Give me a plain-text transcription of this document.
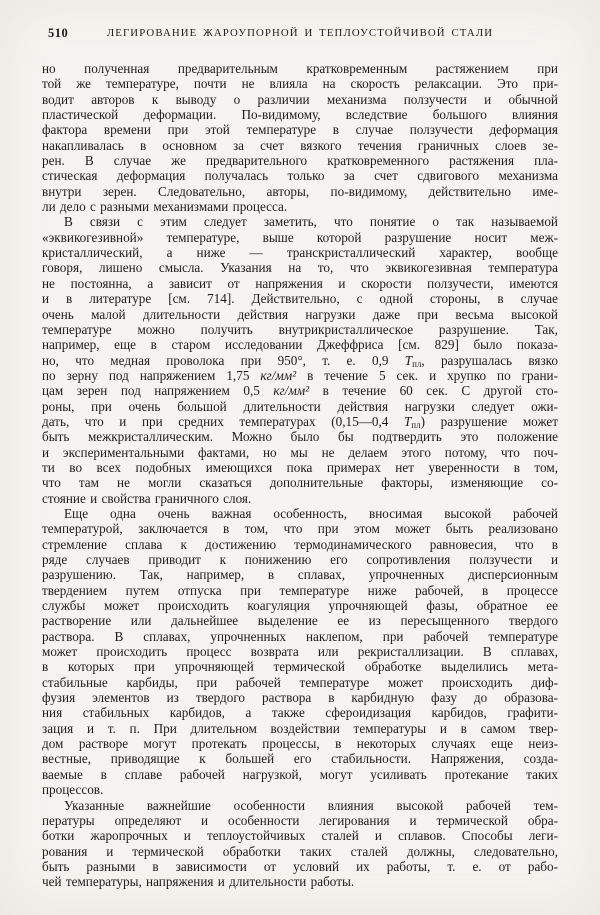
510	ЛЕГИРОВАНИЕ ЖАРОУПОРНОЙ И ТЕПЛОУСТОЙЧИВОЙ СТАЛИ
но полученная предварительным кратковременным растяжением при
той же температуре, почти не влияла на скорость релаксации. Это при-
водит авторов к выводу о различии механизма ползучести и обычной
пластической деформации. По-видимому, вследствие большого влияния
фактора времени при этой температуре в случае ползучести деформация
накапливалась в основном за счет вязкого течения граничных слоев зе-
рен. В случае же предварительного кратковременного растяжения пла-
стическая деформация получалась только за счет сдвигового механизма
внутри зерен. Следовательно, авторы, по-видимому, действительно име-
ли дело с разными механизмами процесса.
В связи с этим следует заметить, что понятие о так называемой
«эквикогезивной» температуре, выше которой разрушение носит меж-
кристаллический, а ниже — транскристаллический характер, вообще
говоря, лишено смысла. Указания на то, что эквикогезивная температура
не постоянна, а зависит от напряжения и скорости ползучести, имеются
и в литературе [см. 714]. Действительно, с одной стороны, в случае
очень малой длительности действия нагрузки даже при весьма высокой
температуре можно получить внутрикристаллическое разрушение. Так,
например, еще в старом исследовании Джеффриса [см. 829] было показа-
но, что медная проволока при 950°, т. е. 0,9 $Т_{пл}$, разрушалась вязко
по зерну под напряжением 1,75 кг/мм² в течение 5 сек. и хрупко по грани-
цам зерен под напряжением 0,5 кг/мм² в течение 60 сек. С другой сто-
роны, при очень большой длительности действия нагрузки следует ожи-
дать, что и при средних температурах (0,15—0,4 $Т_{пл}$) разрушение может
быть межкристаллическим. Можно было бы подтвердить это положение
и экспериментальными фактами, но мы не делаем этого потому, что поч-
ти во всех подобных имеющихся пока примерах нет уверенности в том,
что там не могли сказаться дополнительные факторы, изменяющие со-
стояние и свойства граничного слоя.
Еще одна очень важная особенность, вносимая высокой рабочей
температурой, заключается в том, что при этом может быть реализовано
стремление сплава к достижению термодинамического равновесия, что в
ряде случаев приводит к понижению его сопротивления ползучести и
разрушению. Так, например, в сплавах, упрочненных дисперсионным
твердением путем отпуска при температуре ниже рабочей, в процессе
службы может происходить коагуляция упрочняющей фазы, обратное ее
растворение или дальнейшее выделение ее из пересыщенного твердого
раствора. В сплавах, упрочненных наклепом, при рабочей температуре
может происходить процесс возврата или рекристаллизации. В сплавах,
в которых при упрочняющей термической обработке выделились мета-
стабильные карбиды, при рабочей температуре может происходить диф-
фузия элементов из твердого раствора в карбидную фазу до образова-
ния стабильных карбидов, а также сфероидизация карбидов, графити-
зация и т. п. При длительном воздействии температуры и в самом твер-
дом растворе могут протекать процессы, в некоторых случаях еще неиз-
вестные, приводящие к большей его стабильности. Напряжения, созда-
ваемые в сплаве рабочей нагрузкой, могут усиливать протекание таких
процессов.
Указанные важнейшие особенности влияния высокой рабочей тем-
пературы определяют и особенности легирования и термической обра-
ботки жаропрочных и теплоустойчивых сталей и сплавов. Способы леги-
рования и термической обработки таких сталей должны, следовательно,
быть разными в зависимости от условий их работы, т. е. от рабо-
чей температуры, напряжения и длительности работы.
